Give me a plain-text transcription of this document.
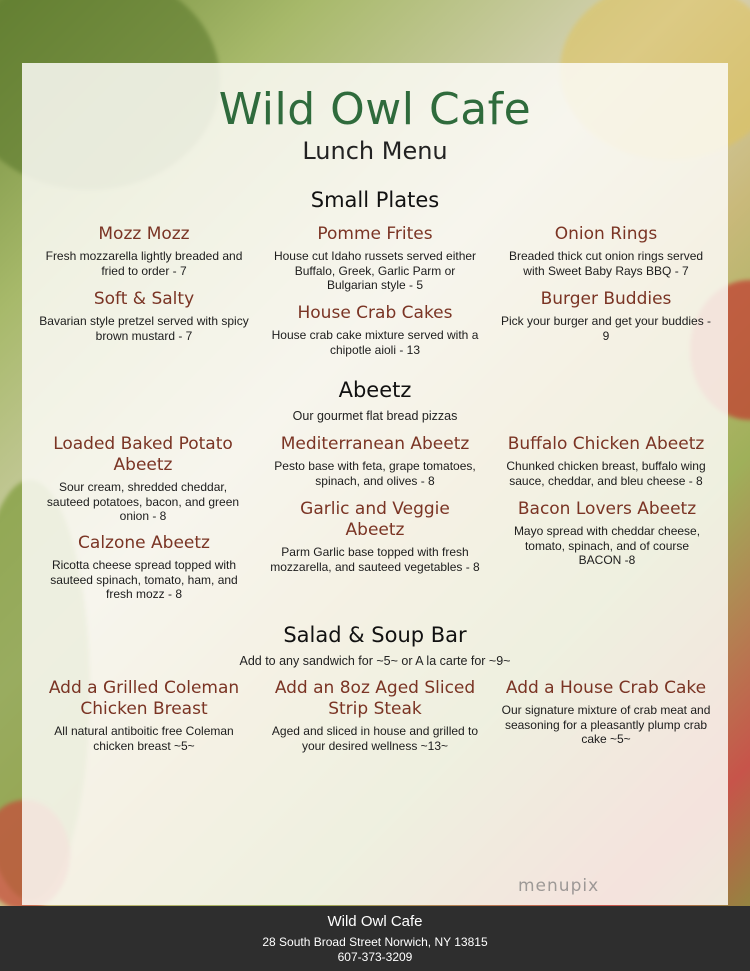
Wild Owl Cafe
Lunch Menu
Small Plates
Mozz Mozz
Fresh mozzarella lightly breaded and fried to order - 7
Pomme Frites
House cut Idaho russets served either Buffalo, Greek, Garlic Parm or Bulgarian style - 5
Onion Rings
Breaded thick cut onion rings served with Sweet Baby Rays BBQ - 7
Soft & Salty
Bavarian style pretzel served with spicy brown mustard - 7
House Crab Cakes
House crab cake mixture served with a chipotle aioli - 13
Burger Buddies
Pick your burger and get your buddies - 9
Abeetz
Our gourmet flat bread pizzas
Loaded Baked Potato Abeetz
Sour cream, shredded cheddar, sauteed potatoes, bacon, and green onion - 8
Mediterranean Abeetz
Pesto base with feta, grape tomatoes, spinach, and olives - 8
Buffalo Chicken Abeetz
Chunked chicken breast, buffalo wing sauce, cheddar, and bleu cheese - 8
Calzone Abeetz
Ricotta cheese spread topped with sauteed spinach, tomato, ham, and fresh mozz - 8
Garlic and Veggie Abeetz
Parm Garlic base topped with fresh mozzarella, and sauteed vegetables - 8
Bacon Lovers Abeetz
Mayo spread with cheddar cheese, tomato, spinach, and of course BACON -8
Salad & Soup Bar
Add to any sandwich for ~5~ or A la carte for ~9~
Add a Grilled Coleman Chicken Breast
All natural antiboitic free Coleman chicken breast ~5~
Add an 8oz Aged Sliced Strip Steak
Aged and sliced in house and grilled to your desired wellness ~13~
Add a House Crab Cake
Our signature mixture of crab meat and seasoning for a pleasantly plump crab cake ~5~
menupix
Wild Owl Cafe
28 South Broad Street Norwich, NY 13815
607-373-3209
